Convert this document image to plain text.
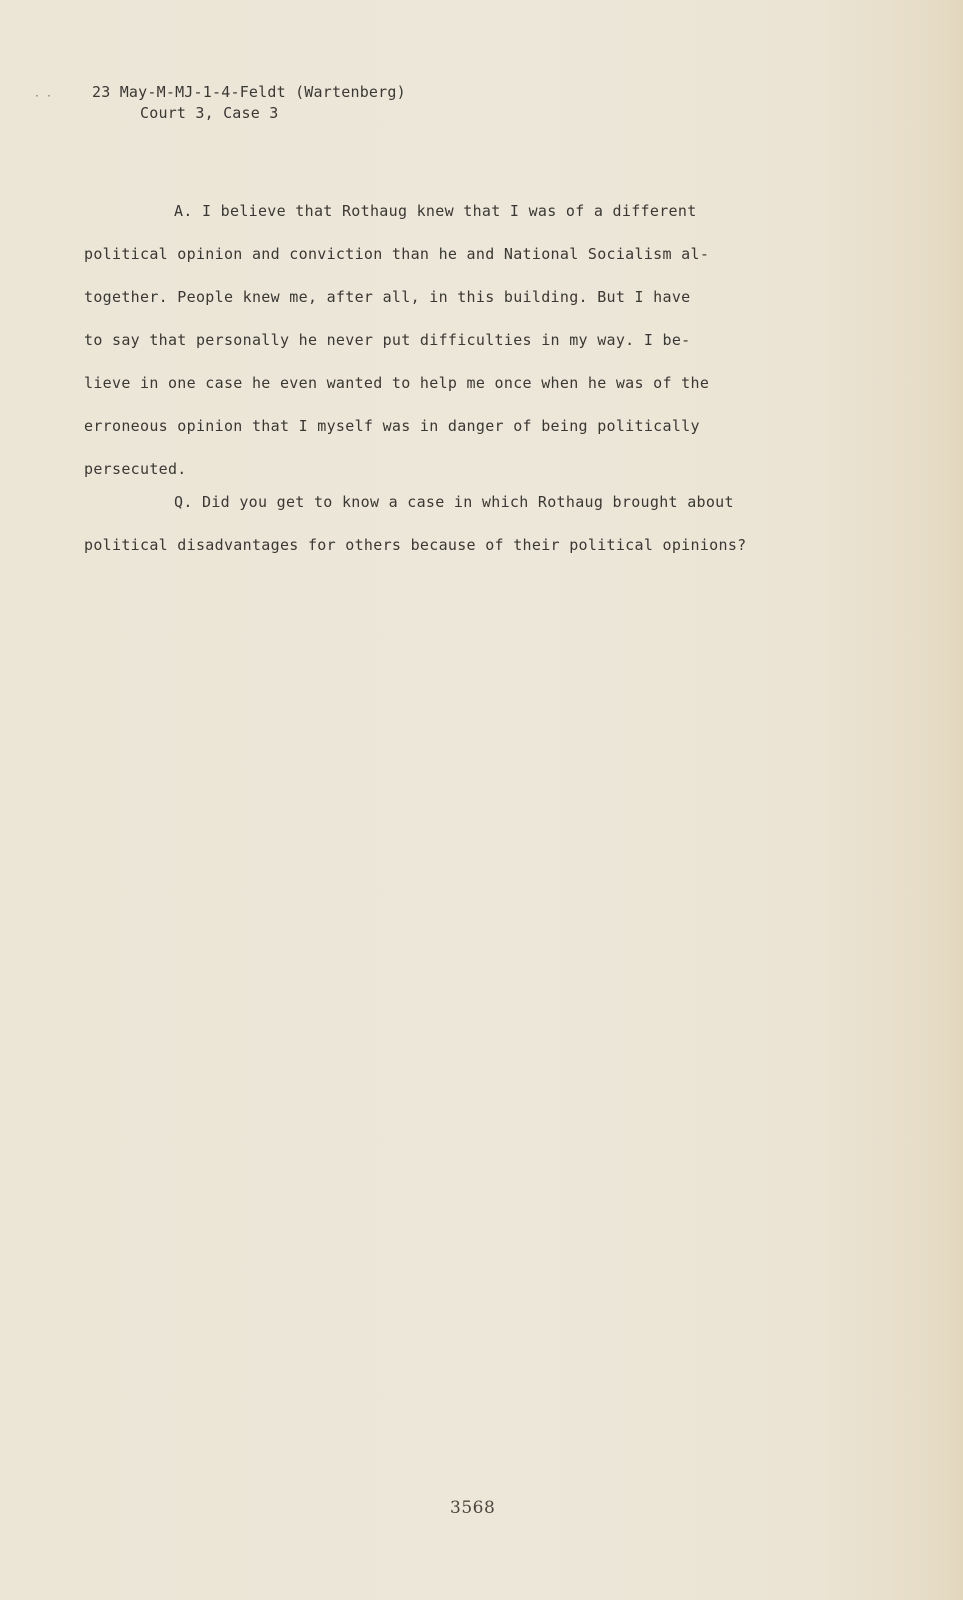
· ·	23 May-M-MJ-1-4-Feldt (Wartenberg)
Court 3, Case 3
A. I believe that Rothaug knew that I was of a different
political opinion and conviction than he and National Socialism al-
together. People knew me, after all, in this building. But I have
to say that personally he never put difficulties in my way. I be-
lieve in one case he even wanted to help me once when he was of the
erroneous opinion that I myself was in danger of being politically
persecuted.
Q. Did you get to know a case in which Rothaug brought about
political disadvantages for others because of their political opinions?
3568
